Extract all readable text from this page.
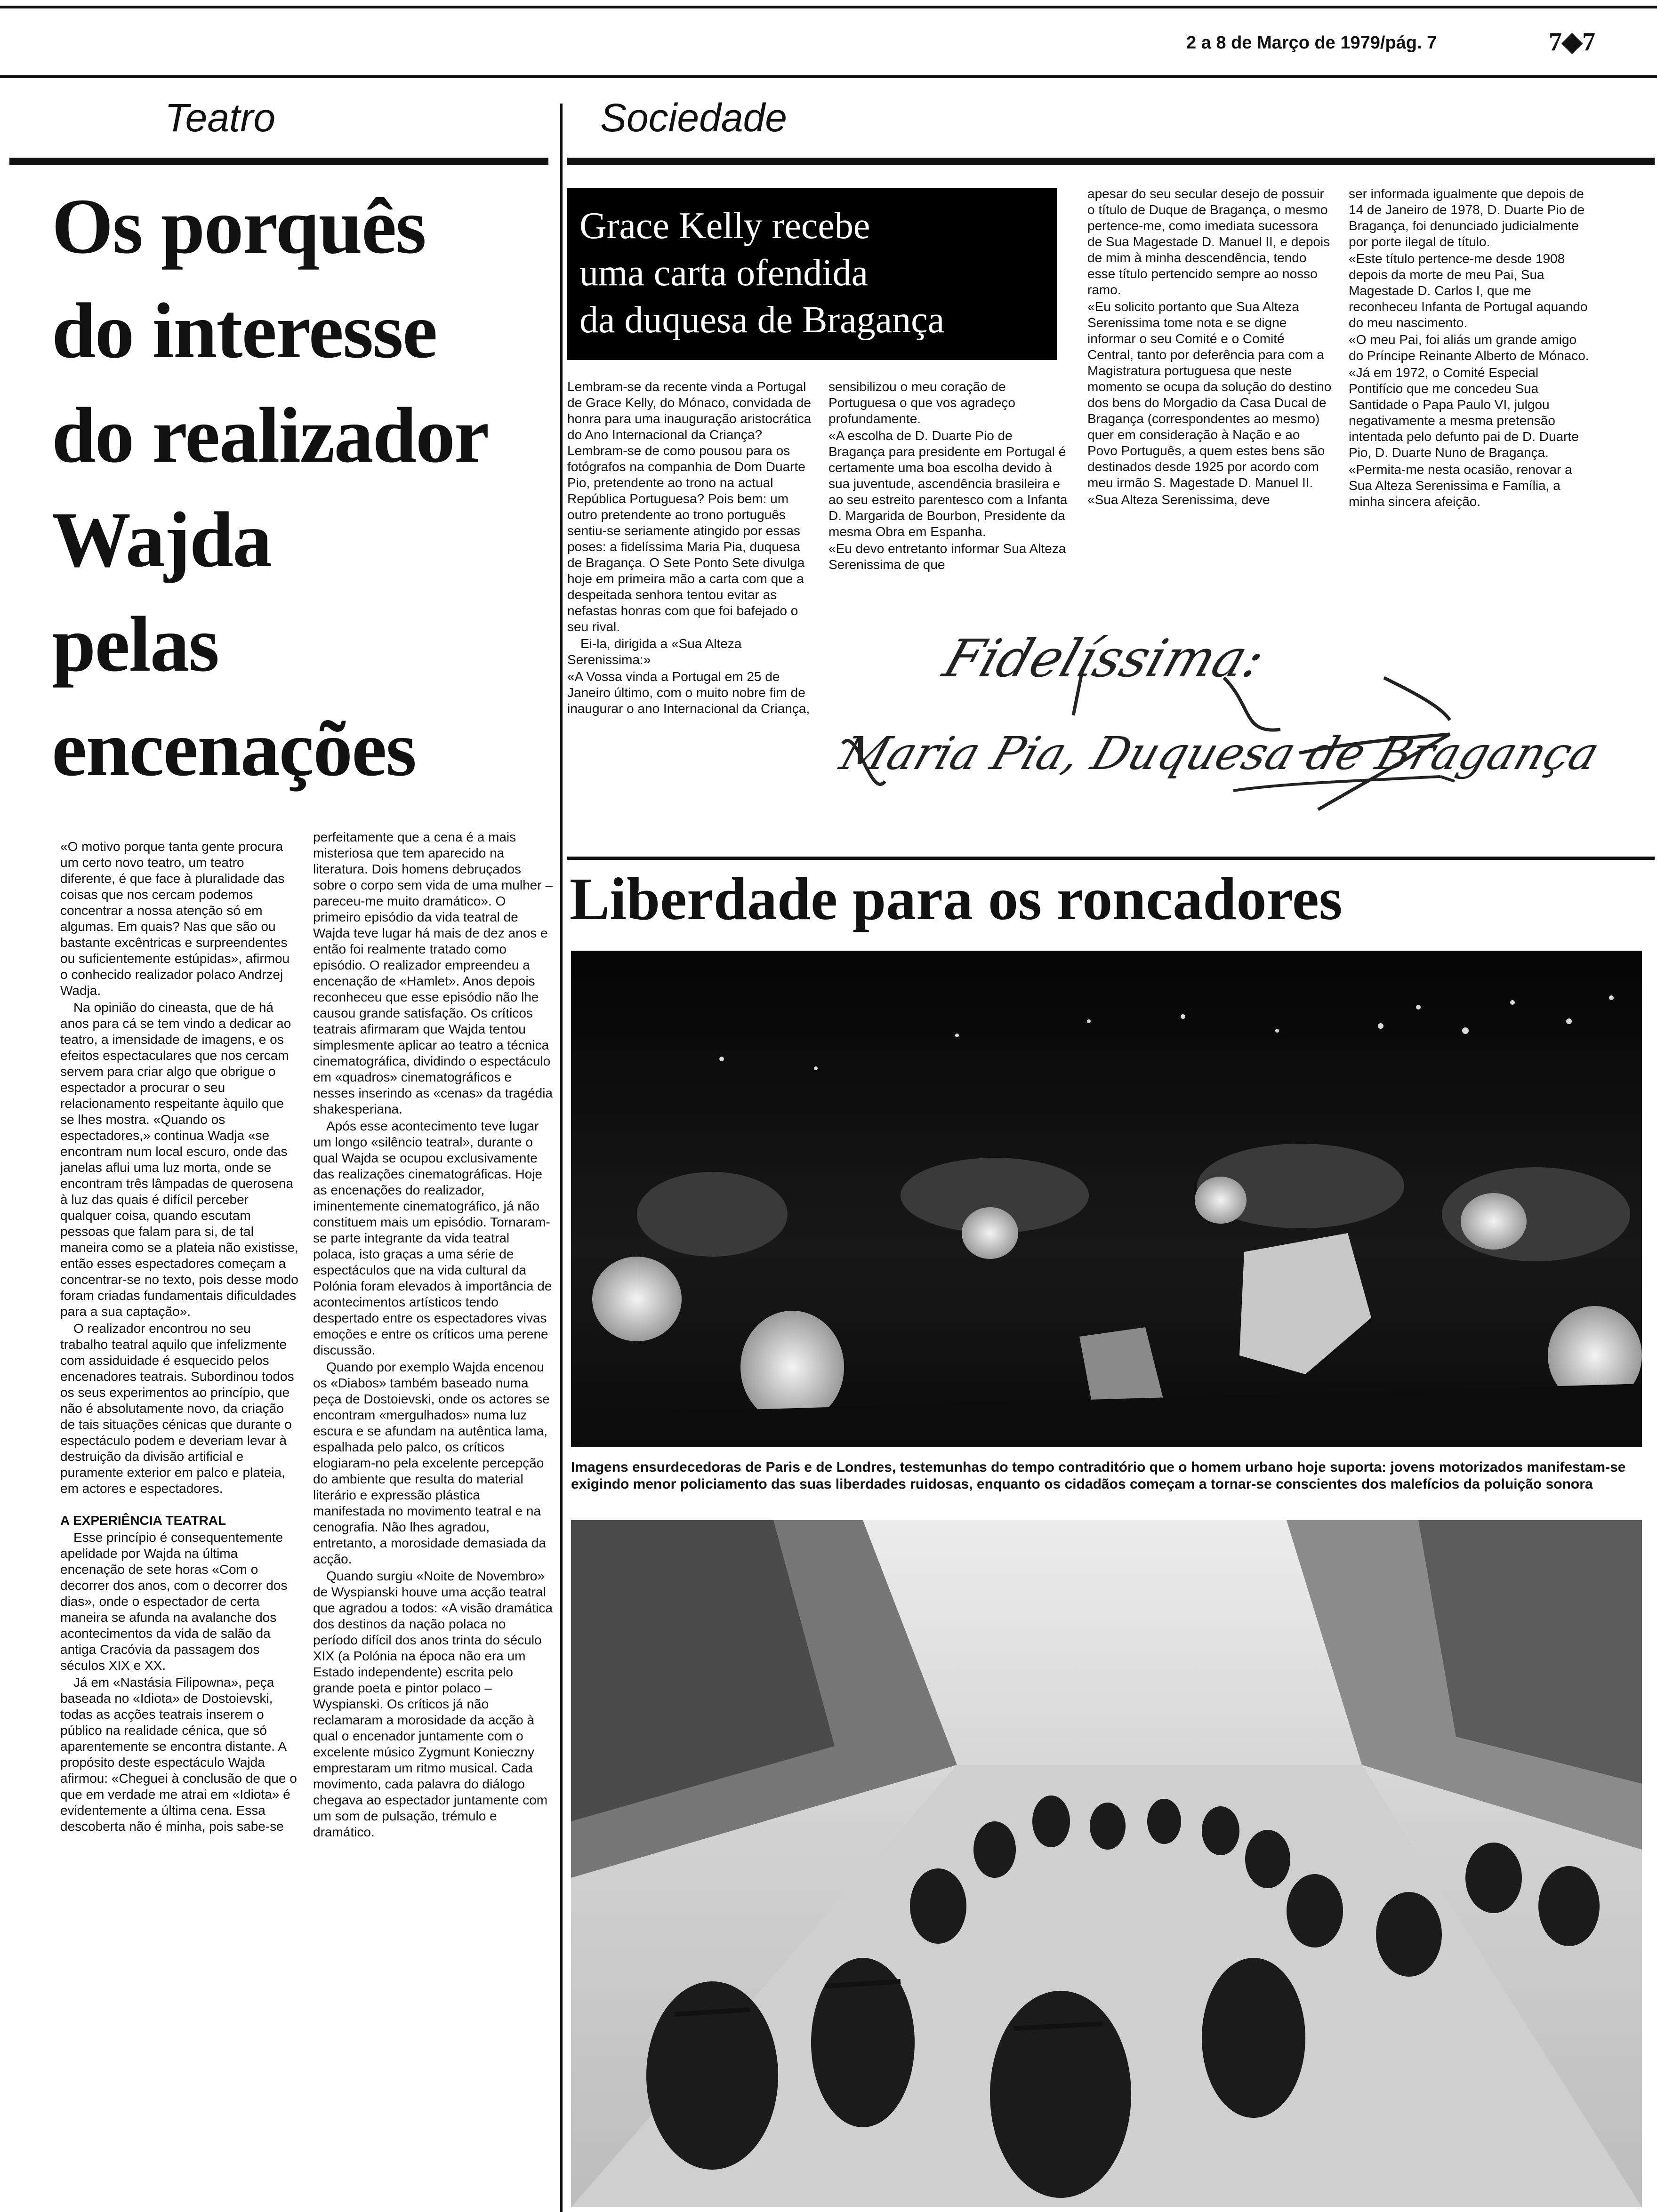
2 a 8 de Março de 1979/pág. 7	7◆7
Teatro
Os porquês
do interesse
do realizador
Wajda
pelas
encenações

«O motivo porque tanta gente procura um certo novo teatro, um teatro diferente, é que face à pluralidade das coisas que nos cercam podemos concentrar a nossa atenção só em algumas. Em quais? Nas que são ou bastante excêntricas e surpreendentes ou suficientemente estúpidas», afirmou o conhecido realizador polaco Andrzej Wadja.

Na opinião do cineasta, que de há anos para cá se tem vindo a dedicar ao teatro, a imensidade de imagens, e os efeitos espectaculares que nos cercam servem para criar algo que obrigue o espectador a procurar o seu relacionamento respeitante àquilo que se lhes mostra. «Quando os espectadores,» continua Wadja «se encontram num local escuro, onde das janelas aflui uma luz morta, onde se encontram três lâmpadas de querosena à luz das quais é difícil perceber qualquer coisa, quando escutam pessoas que falam para si, de tal maneira como se a plateia não existisse, então esses espectadores começam a concentrar-se no texto, pois desse modo foram criadas fundamentais dificuldades para a sua captação».

O realizador encontrou no seu trabalho teatral aquilo que infelizmente com assiduidade é esquecido pelos encenadores teatrais. Subordinou todos os seus experimentos ao princípio, que não é absolutamente novo, da criação de tais situações cénicas que durante o espectáculo podem e deveriam levar à destruição da divisão artificial e puramente exterior em palco e plateia, em actores e espectadores.

A EXPERIÊNCIA TEATRAL

Esse princípio é consequentemente apelidade por Wajda na última encenação de sete horas «Com o decorrer dos anos, com o decorrer dos dias», onde o espectador de certa maneira se afunda na avalanche dos acontecimentos da vida de salão da antiga Cracóvia da passagem dos séculos XIX e XX.

Já em «Nastásia Filipowna», peça baseada no «Idiota» de Dostoievski, todas as acções teatrais inserem o público na realidade cénica, que só aparentemente se encontra distante. A propósito deste espectáculo Wajda afirmou: «Cheguei à conclusão de que o que em verdade me atrai em «Idiota» é evidentemente a última cena. Essa descoberta não é minha, pois sabe-se

perfeitamente que a cena é a mais misteriosa que tem aparecido na literatura. Dois homens debruçados sobre o corpo sem vida de uma mulher – pareceu-me muito dramático». O primeiro episódio da vida teatral de Wajda teve lugar há mais de dez anos e então foi realmente tratado como episódio. O realizador empreendeu a encenação de «Hamlet». Anos depois reconheceu que esse episódio não lhe causou grande satisfação. Os críticos teatrais afirmaram que Wajda tentou simplesmente aplicar ao teatro a técnica cinematográfica, dividindo o espectáculo em «quadros» cinematográficos e nesses inserindo as «cenas» da tragédia shakesperiana.

Após esse acontecimento teve lugar um longo «silêncio teatral», durante o qual Wajda se ocupou exclusivamente das realizações cinematográficas. Hoje as encenações do realizador, iminentemente cinematográfico, já não constituem mais um episódio. Tornaram-se parte integrante da vida teatral polaca, isto graças a uma série de espectáculos que na vida cultural da Polónia foram elevados à importância de acontecimentos artísticos tendo despertado entre os espectadores vivas emoções e entre os críticos uma perene discussão.

Quando por exemplo Wajda encenou os «Diabos» também baseado numa peça de Dostoievski, onde os actores se encontram «mergulhados» numa luz escura e se afundam na autêntica lama, espalhada pelo palco, os críticos elogiaram-no pela excelente percepção do ambiente que resulta do material literário e expressão plástica manifestada no movimento teatral e na cenografia. Não lhes agradou, entretanto, a morosidade demasiada da acção.

Quando surgiu «Noite de Novembro» de Wyspianski houve uma acção teatral que agradou a todos: «A visão dramática dos destinos da nação polaca no período difícil dos anos trinta do século XIX (a Polónia na época não era um Estado independente) escrita pelo grande poeta e pintor polaco – Wyspianski. Os críticos já não reclamaram a morosidade da acção à qual o encenador juntamente com o excelente músico Zygmunt Konieczny emprestaram um ritmo musical. Cada movimento, cada palavra do diálogo chegava ao espectador juntamente com um som de pulsação, trémulo e dramático.

Sociedade
Grace Kelly recebe
uma carta ofendida
da duquesa de Bragança

Lembram-se da recente vinda a Portugal de Grace Kelly, do Mónaco, convidada de honra para uma inauguração aristocrática do Ano Internacional da Criança? Lembram-se de como pousou para os fotógrafos na companhia de Dom Duarte Pio, pretendente ao trono na actual República Portuguesa? Pois bem: um outro pretendente ao trono português sentiu-se seriamente atingido por essas poses: a fidelíssima Maria Pia, duquesa de Bragança. O Sete Ponto Sete divulga hoje em primeira mão a carta com que a despeitada senhora tentou evitar as nefastas honras com que foi bafejado o seu rival.

Ei-la, dirigida a «Sua Alteza Serenissima:»

«A Vossa vinda a Portugal em 25 de Janeiro último, com o muito nobre fim de inaugurar o ano Internacional da Criança,

sensibilizou o meu coração de Portuguesa o que vos agradeço profundamente.

«A escolha de D. Duarte Pio de Bragança para presidente em Portugal é certamente uma boa escolha devido à sua juventude, ascendência brasileira e ao seu estreito parentesco com a Infanta D. Margarida de Bourbon, Presidente da mesma Obra em Espanha.

«Eu devo entretanto informar Sua Alteza Serenissima de que

apesar do seu secular desejo de possuir o título de Duque de Bragança, o mesmo pertence-me, como imediata sucessora de Sua Magestade D. Manuel II, e depois de mim à minha descendência, tendo esse título pertencido sempre ao nosso ramo.

«Eu solicito portanto que Sua Alteza Serenissima tome nota e se digne informar o seu Comité e o Comité Central, tanto por deferência para com a Magistratura portuguesa que neste momento se ocupa da solução do destino dos bens do Morgadio da Casa Ducal de Bragança (correspondentes ao mesmo) quer em consideração à Nação e ao Povo Português, a quem estes bens são destinados desde 1925 por acordo com meu irmão S. Magestade D. Manuel II.

«Sua Alteza Serenissima, deve

ser informada igualmente que depois de 14 de Janeiro de 1978, D. Duarte Pio de Bragança, foi denunciado judicialmente por porte ilegal de título.

«Este título pertence-me desde 1908 depois da morte de meu Pai, Sua Magestade D. Carlos I, que me reconheceu Infanta de Portugal aquando do meu nascimento.

«O meu Pai, foi aliás um grande amigo do Príncipe Reinante Alberto de Mónaco.

«Já em 1972, o Comité Especial Pontifício que me concedeu Sua Santidade o Papa Paulo VI, julgou negativamente a mesma pretensão intentada pelo defunto pai de D. Duarte Pio, D. Duarte Nuno de Bragança.

«Permita-me nesta ocasião, renovar a Sua Alteza Serenissima e Família, a minha sincera afeição.

Fidelíssima:
Maria Pia, Duquesa de Bragança
Liberdade para os roncadores
Imagens ensurdecedoras de Paris e de Londres, testemunhas do tempo contraditório que o homem urbano hoje suporta: jovens motorizados manifestam-se exigindo menor policiamento das suas liberdades ruidosas, enquanto os cidadãos começam a tornar-se conscientes dos malefícios da poluição sonora
